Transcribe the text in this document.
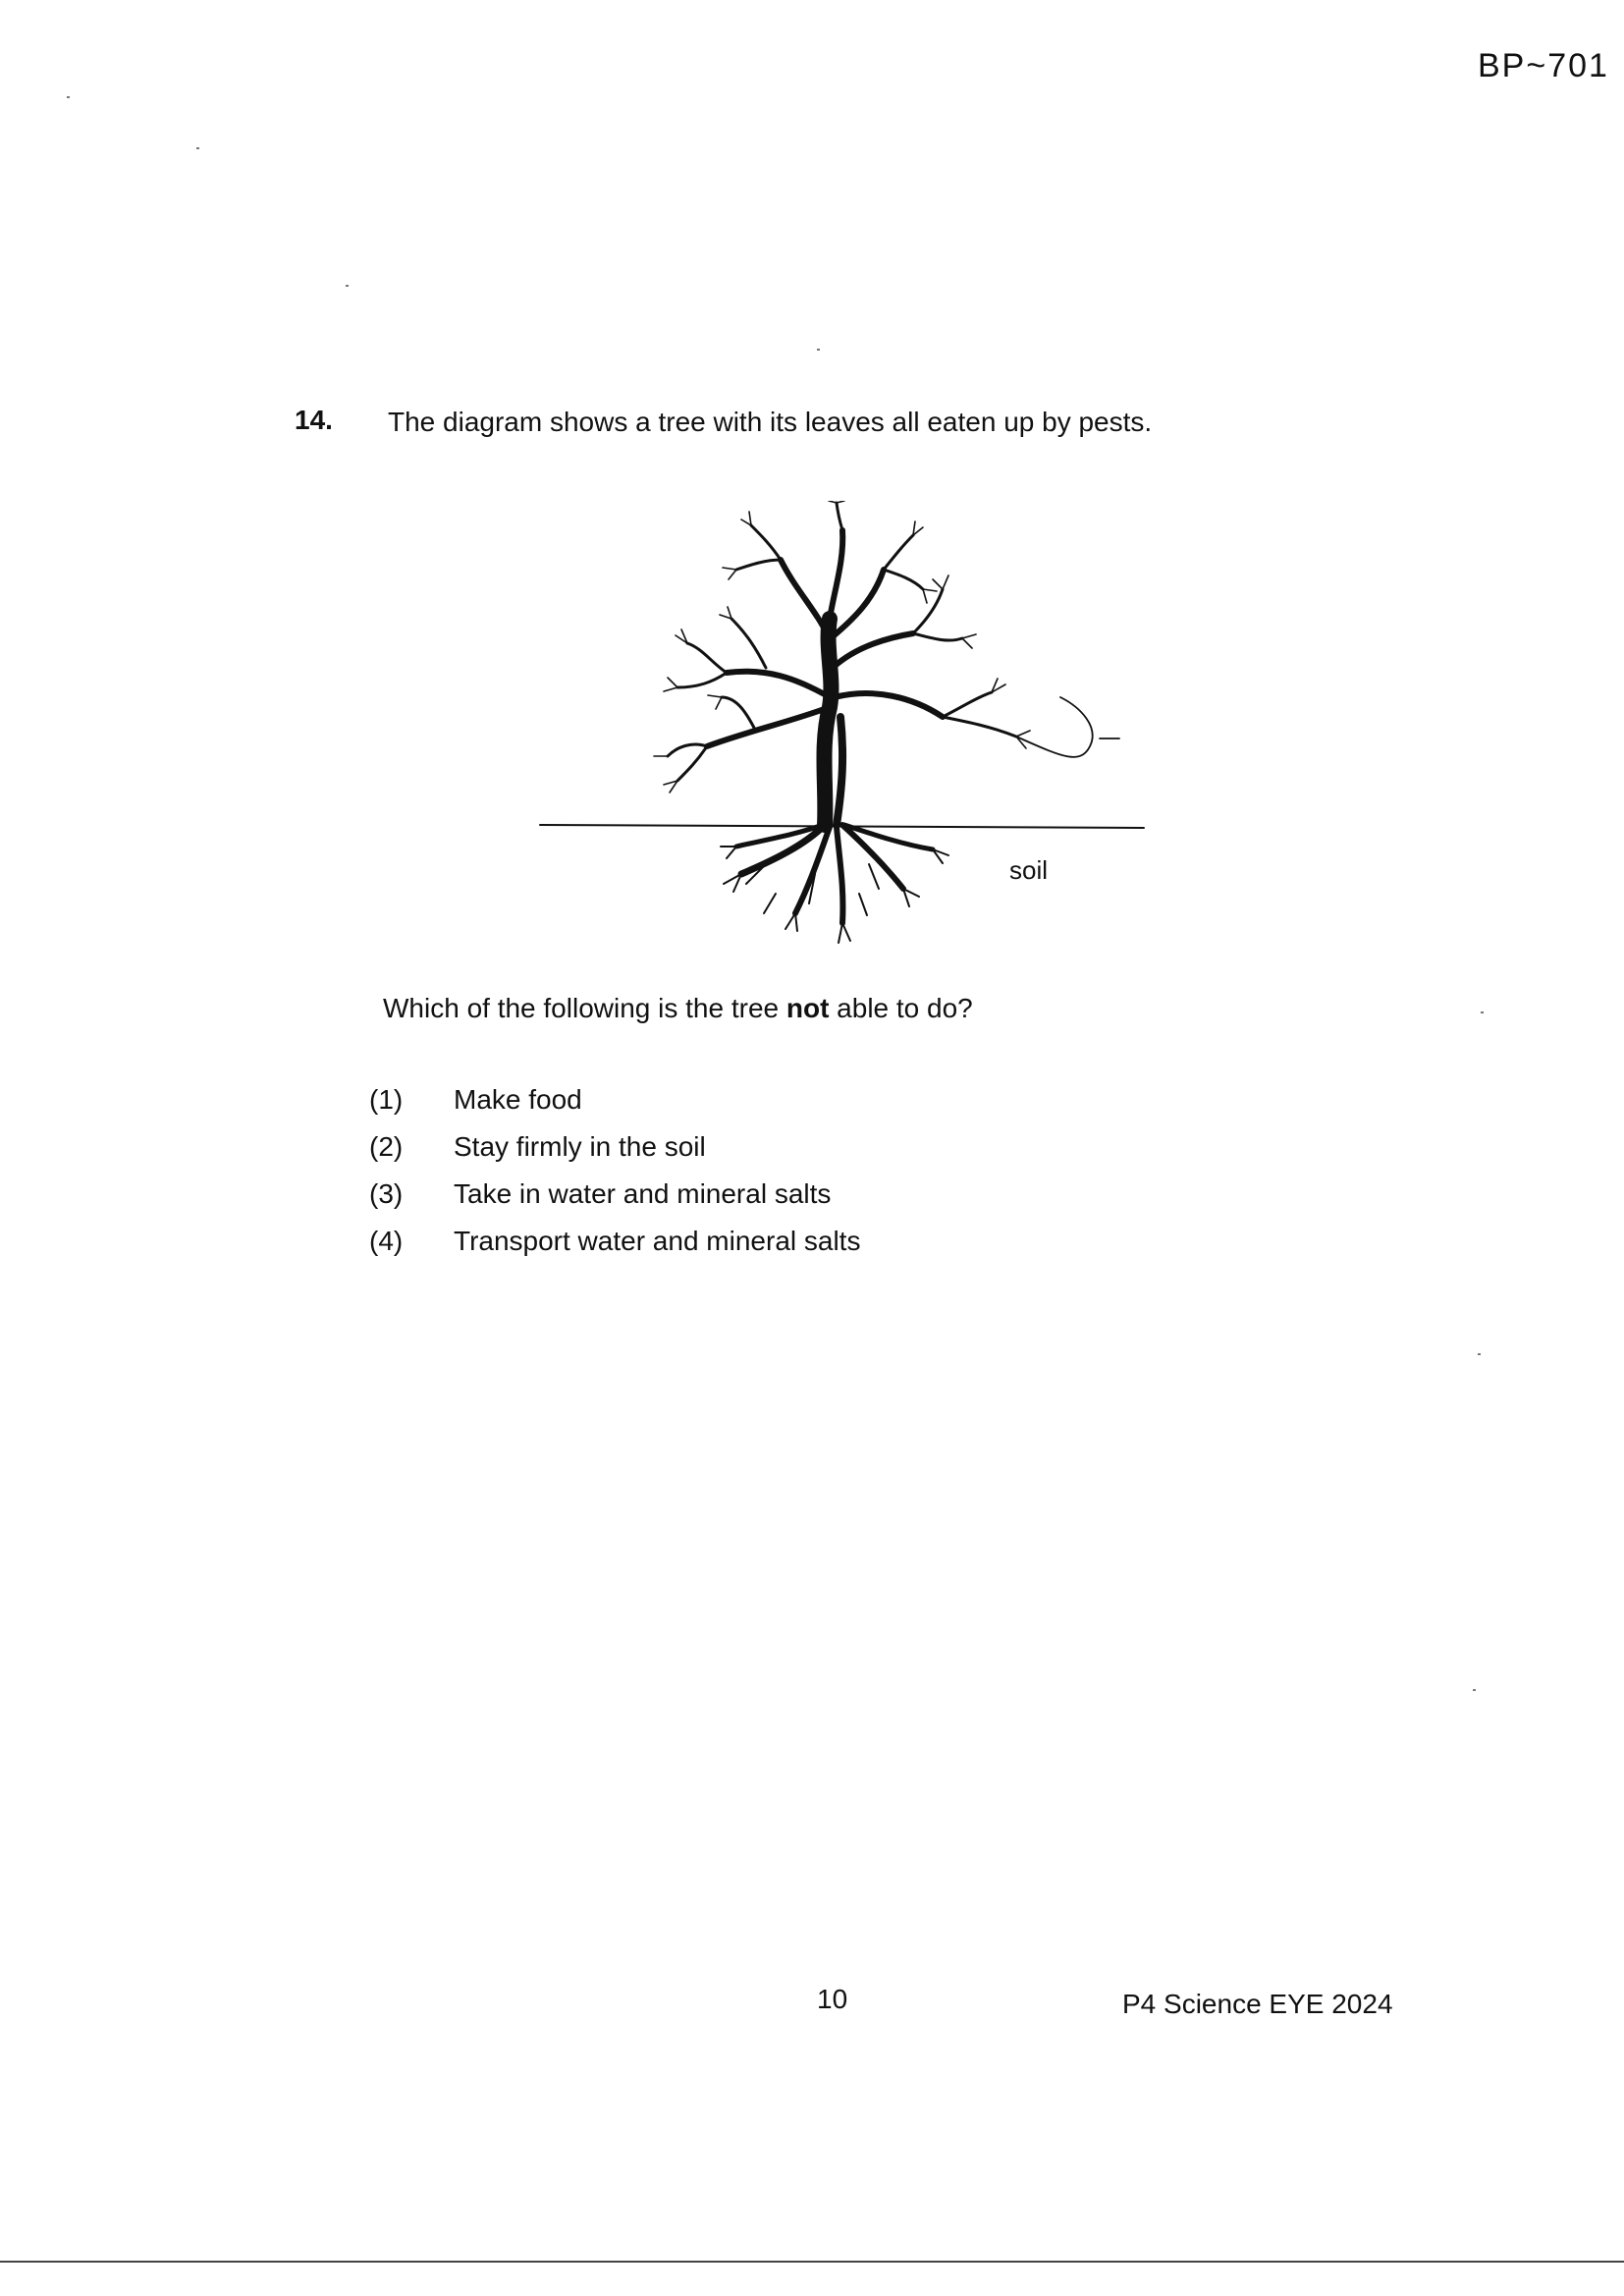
BP~701
14. The diagram shows a tree with its leaves all eaten up by pests.
soil
Which of the following is the tree not able to do?
(1)	Make food
(2)	Stay firmly in the soil
(3)	Take in water and mineral salts
(4)	Transport water and mineral salts
10	P4 Science EYE 2024
